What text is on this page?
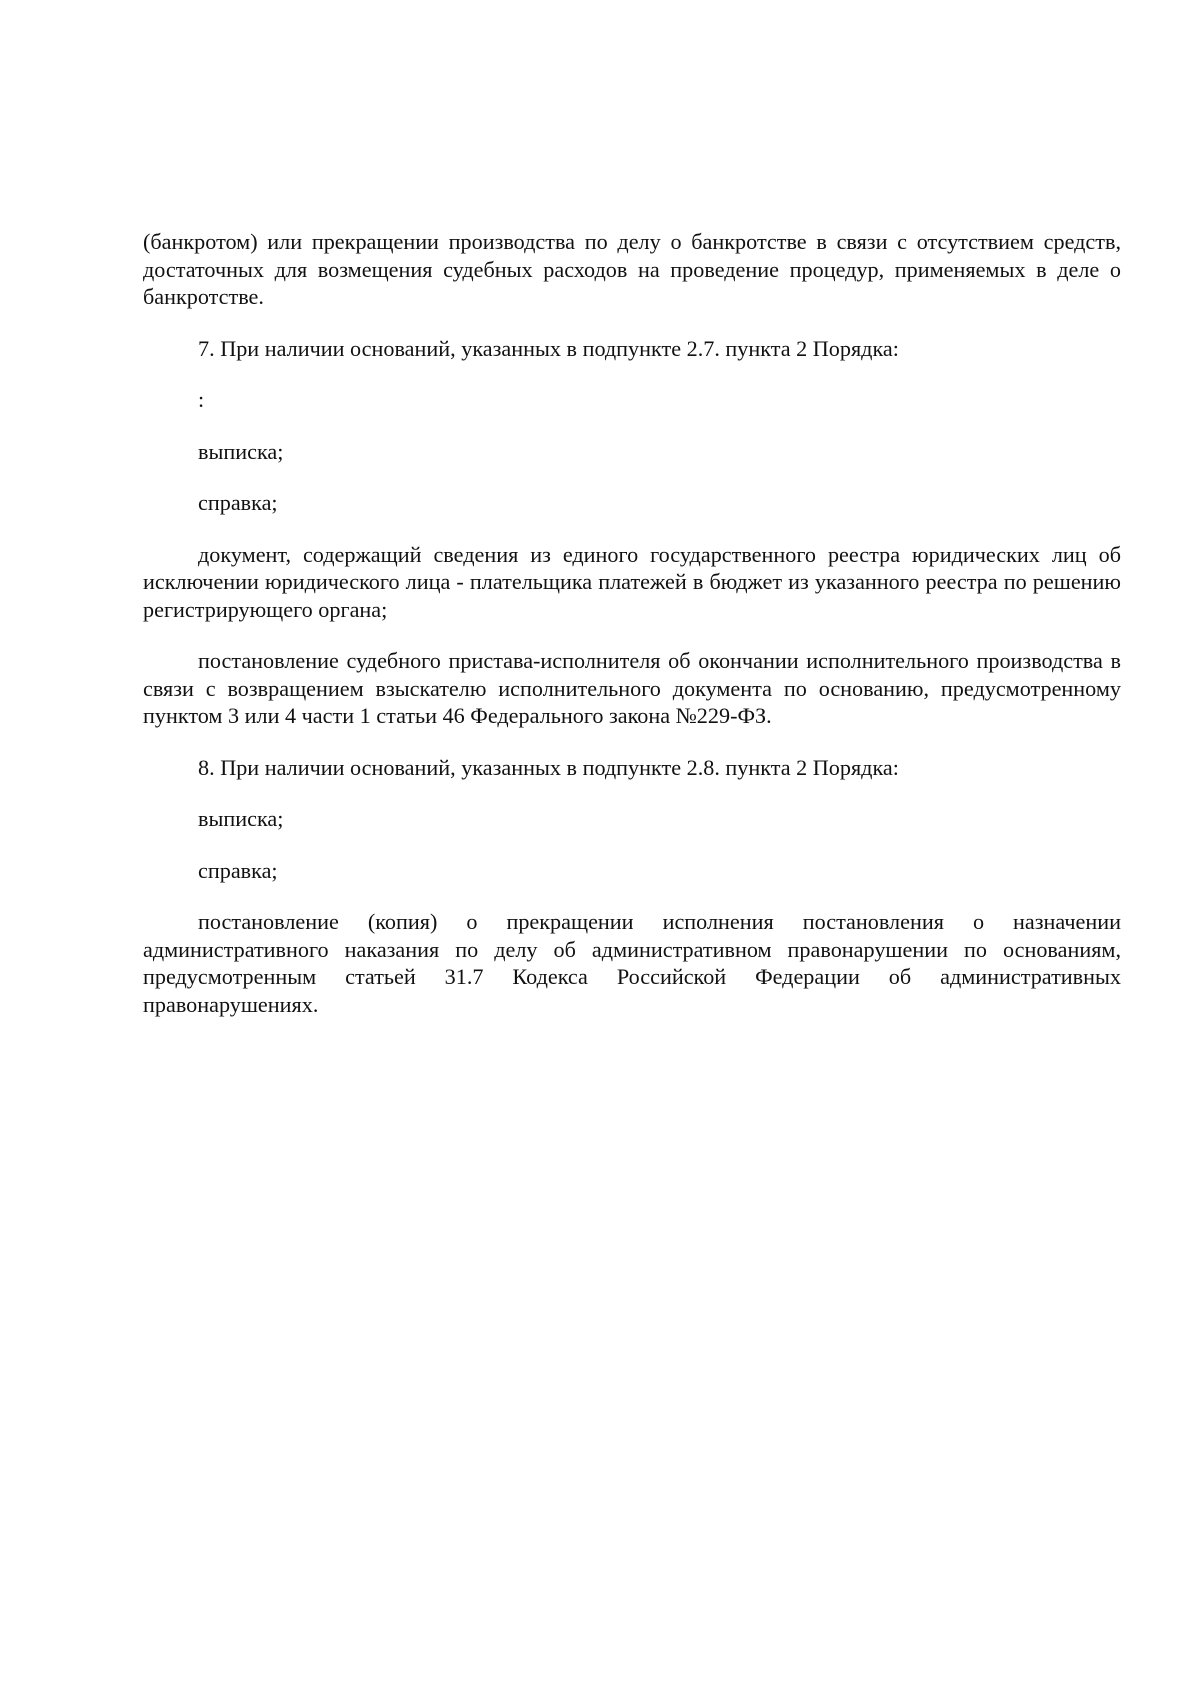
(банкротом) или прекращении производства по делу о банкротстве в связи с отсутствием средств, достаточных для возмещения судебных расходов на проведение процедур, применяемых в деле о банкротстве.

7. При наличии оснований, указанных в подпункте 2.7. пункта 2 Порядка:

:

выписка;

справка;

документ, содержащий сведения из единого государственного реестра юридических лиц об исключении юридического лица - плательщика платежей в бюджет из указанного реестра по решению регистрирующего органа;

постановление судебного пристава-исполнителя об окончании исполнительного производства в связи с возвращением взыскателю исполнительного документа по основанию, предусмотренному пунктом 3 или 4 части 1 статьи 46 Федерального закона №229-ФЗ.

8. При наличии оснований, указанных в подпункте 2.8. пункта 2 Порядка:

выписка;

справка;

постановление (копия) о прекращении исполнения постановления о назначении административного наказания по делу об административном правонарушении по основаниям, предусмотренным статьей 31.7 Кодекса Российской Федерации об административных правонарушениях.
